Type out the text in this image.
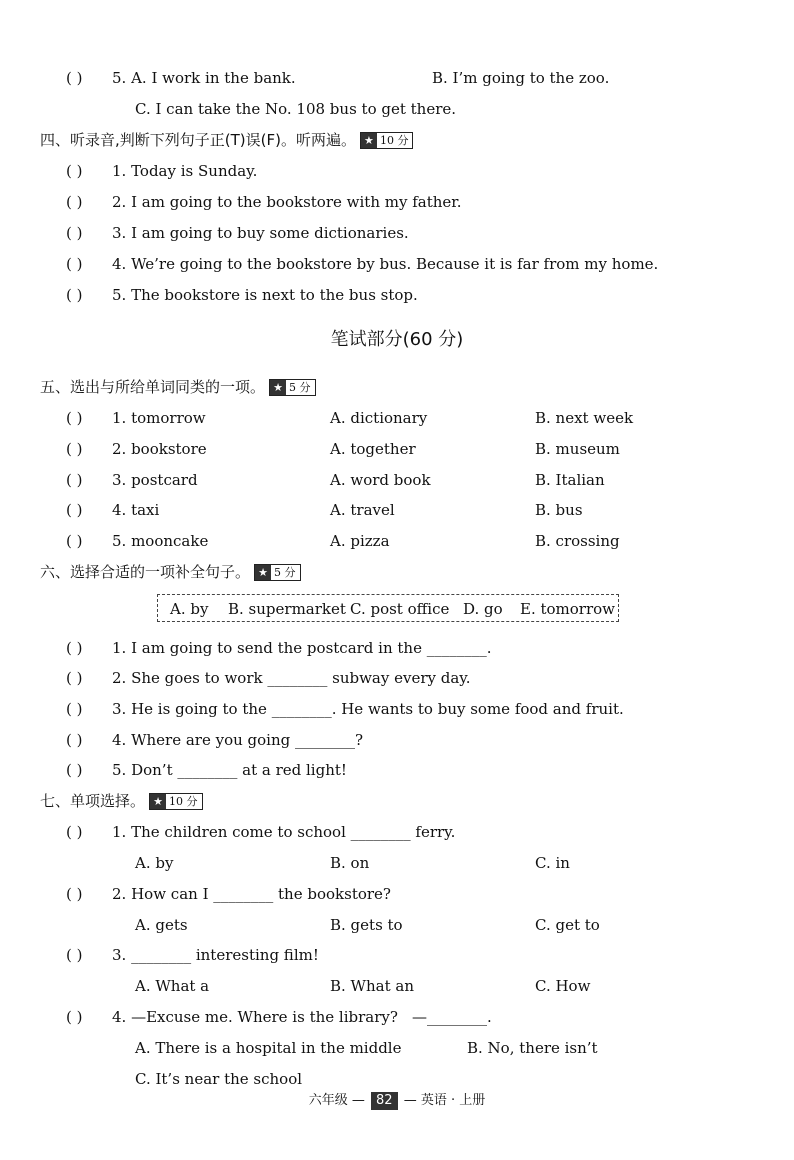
( ) 5. A. I work in the bank.	B. I’m going to the zoo.
C. I can take the No. 108 bus to get there.
四、听录音,判断下列句子正(T)误(F)。听两遍。 ★ 10 分
( ) 1. Today is Sunday.
( ) 2. I am going to the bookstore with my father.
( ) 3. I am going to buy some dictionaries.
( ) 4. We’re going to the bookstore by bus. Because it is far from my home.
( ) 5. The bookstore is next to the bus stop.
笔试部分(60 分)
五、选出与所给单词同类的一项。 ★ 5 分
( ) 1. tomorrow	A. dictionary	B. next week
( ) 2. bookstore	A. together	B. museum
( ) 3. postcard	A. word book	B. Italian
( ) 4. taxi	A. travel	B. bus
( ) 5. mooncake	A. pizza	B. crossing
六、选择合适的一项补全句子。 ★ 5 分
A. by B. supermarket C. post office D. go E. tomorrow
( ) 1. I am going to send the postcard in the ________.
( ) 2. She goes to work ________ subway every day.
( ) 3. He is going to the ________. He wants to buy some food and fruit.
( ) 4. Where are you going ________?
( ) 5. Don’t ________ at a red light!
七、单项选择。 ★ 10 分
( ) 1. The children come to school ________ ferry.
A. by	B. on	C. in
( ) 2. How can I ________ the bookstore?
A. gets	B. gets to	C. get to
( ) 3. ________ interesting film!
A. What a	B. What an	C. How
( ) 4. —Excuse me. Where is the library? —________.
A. There is a hospital in the middle	B. No, there isn’t
C. It’s near the school
六年级 — 82 — 英语 · 上册
